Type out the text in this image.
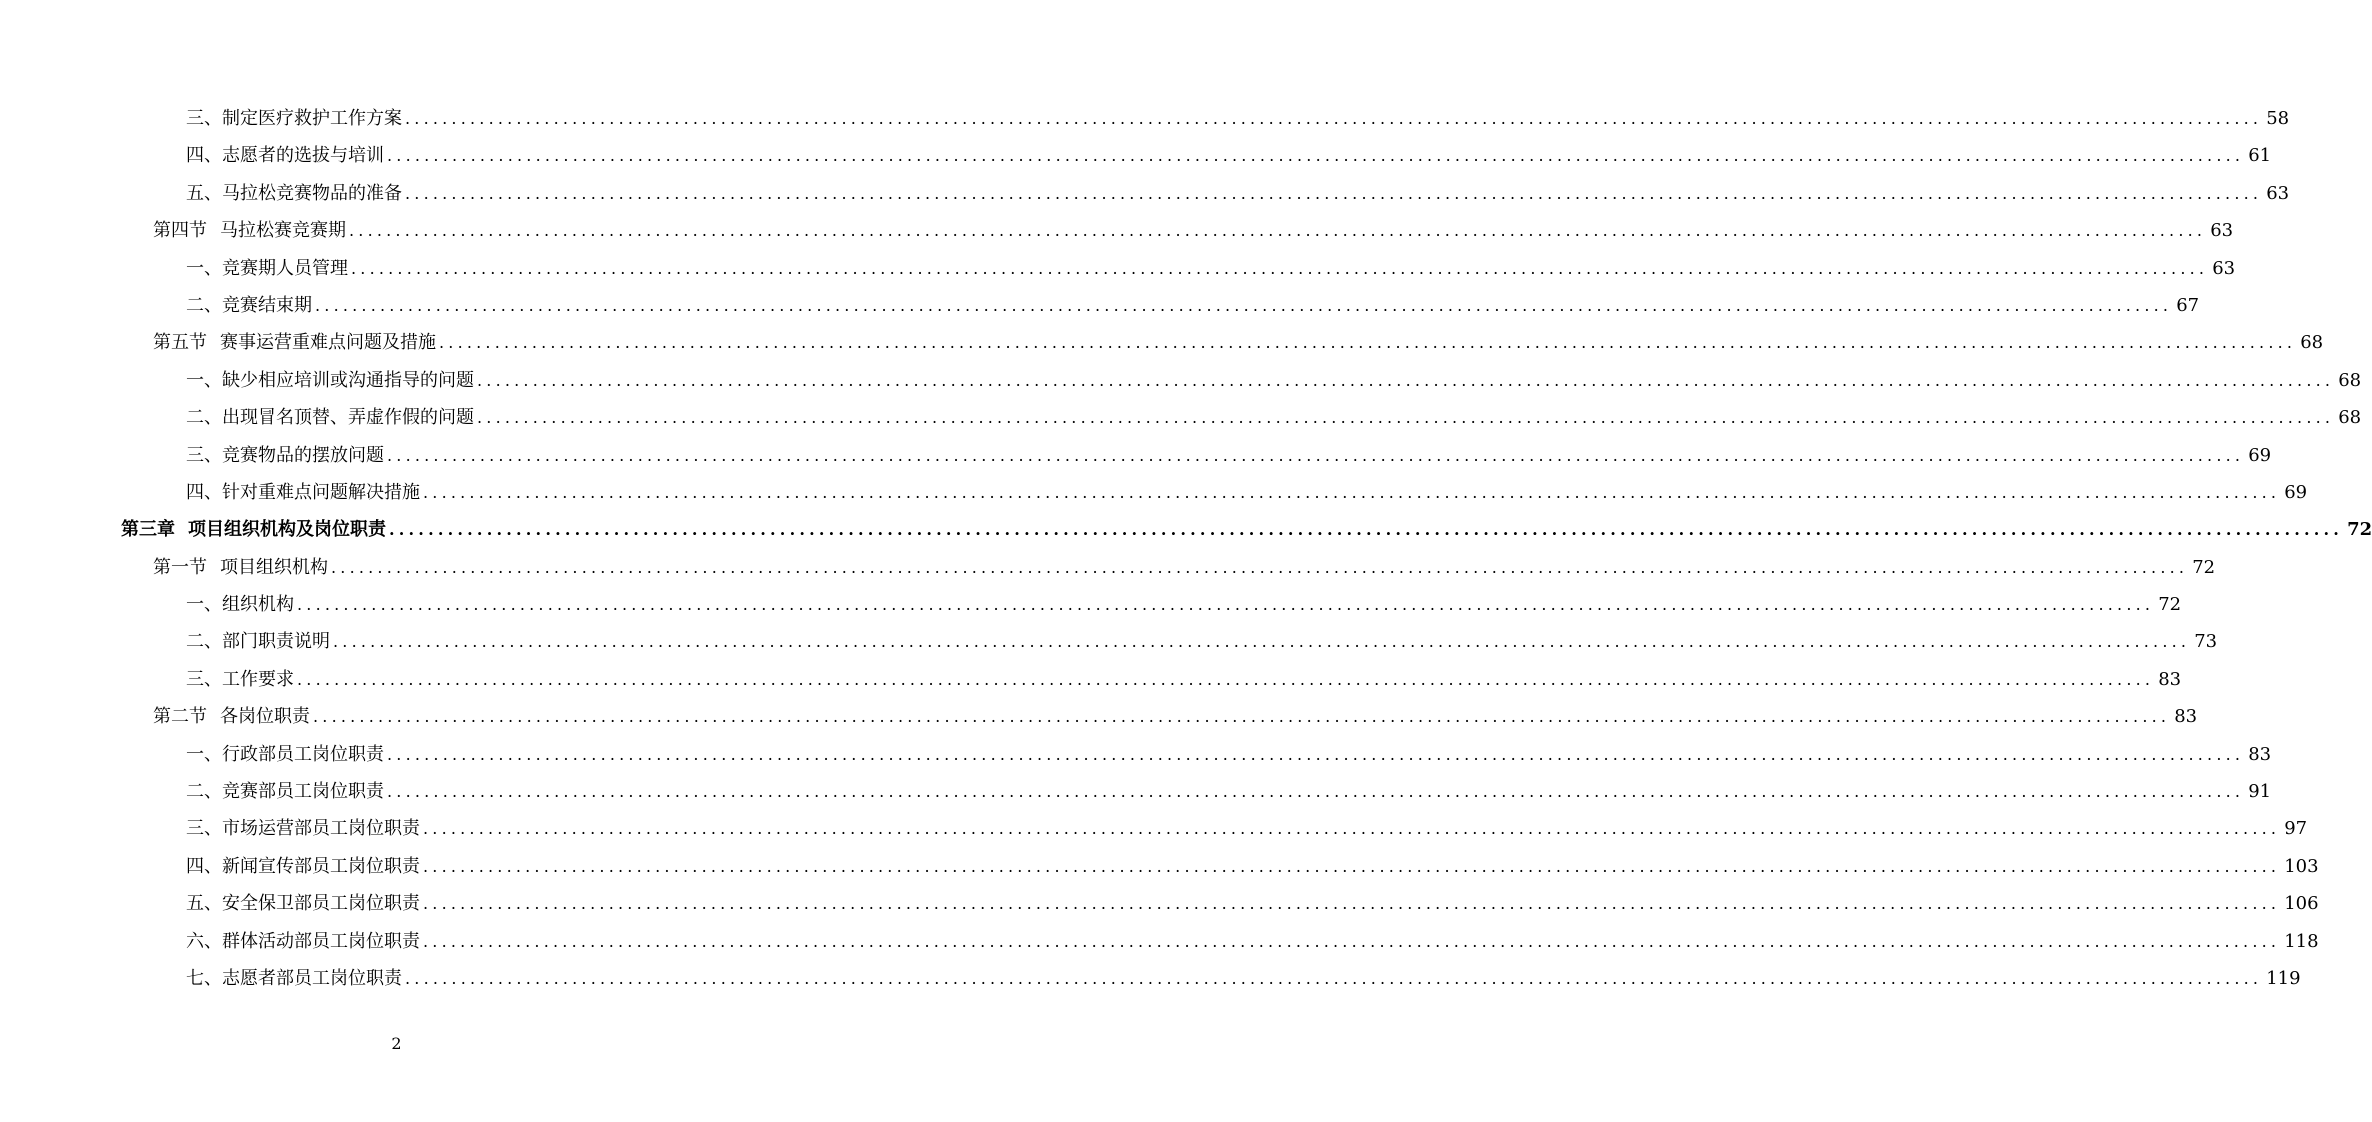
三、制定医疗救护工作方案 ........................................................................................................................................................................................................ 58
四、志愿者的选拔与培训 ........................................................................................................................................................................................................ 61
五、马拉松竞赛物品的准备 ........................................................................................................................................................................................................ 63
第四节 马拉松赛竞赛期 ........................................................................................................................................................................................................ 63
一、竞赛期人员管理 ........................................................................................................................................................................................................ 63
二、竞赛结束期 ........................................................................................................................................................................................................ 67
第五节 赛事运营重难点问题及措施 ........................................................................................................................................................................................................ 68
一、缺少相应培训或沟通指导的问题 ........................................................................................................................................................................................................ 68
二、出现冒名顶替、弄虚作假的问题 ........................................................................................................................................................................................................ 68
三、竞赛物品的摆放问题 ........................................................................................................................................................................................................ 69
四、针对重难点问题解决措施 ........................................................................................................................................................................................................ 69
第三章 项目组织机构及岗位职责 ........................................................................................................................................................................................................ 72
第一节 项目组织机构 ........................................................................................................................................................................................................ 72
一、组织机构 ........................................................................................................................................................................................................ 72
二、部门职责说明 ........................................................................................................................................................................................................ 73
三、工作要求 ........................................................................................................................................................................................................ 83
第二节 各岗位职责 ........................................................................................................................................................................................................ 83
一、行政部员工岗位职责 ........................................................................................................................................................................................................ 83
二、竞赛部员工岗位职责 ........................................................................................................................................................................................................ 91
三、市场运营部员工岗位职责 ........................................................................................................................................................................................................ 97
四、新闻宣传部员工岗位职责 ........................................................................................................................................................................................................ 103
五、安全保卫部员工岗位职责 ........................................................................................................................................................................................................ 106
六、群体活动部员工岗位职责 ........................................................................................................................................................................................................ 118
七、志愿者部员工岗位职责 ........................................................................................................................................................................................................ 119
2
